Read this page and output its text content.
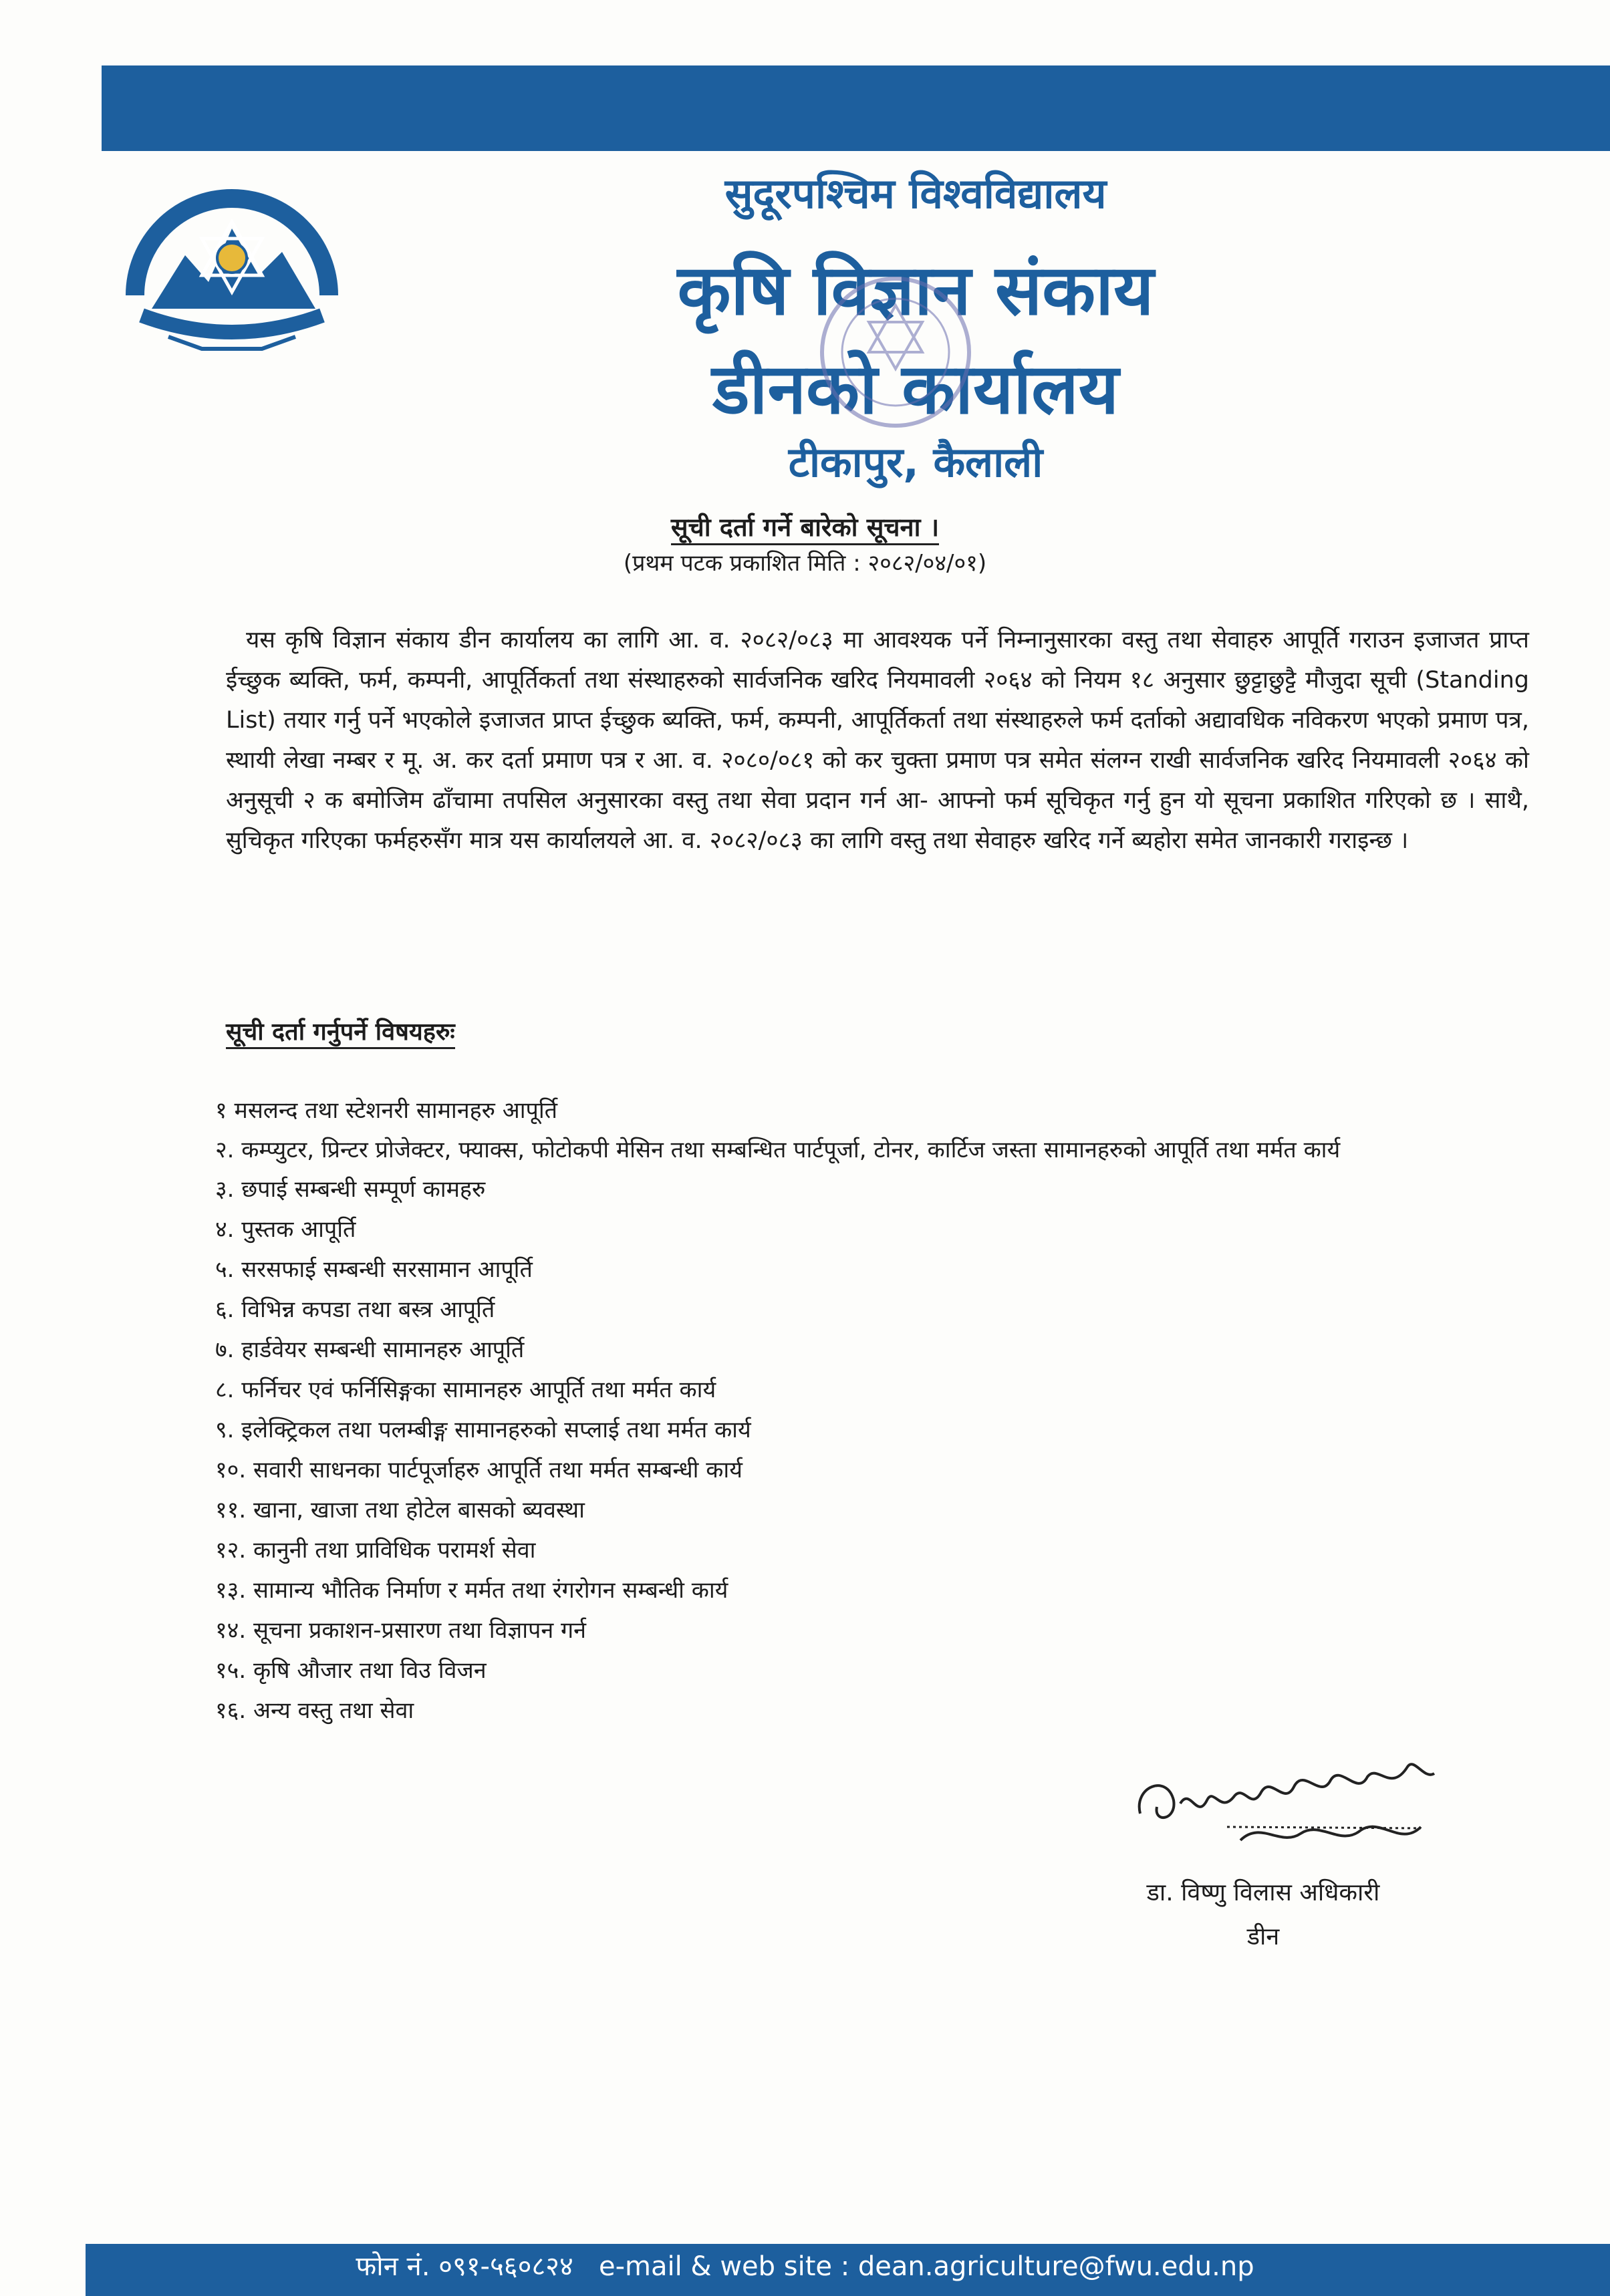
सुदूरपश्चिम विश्वविद्यालय
कृषि विज्ञान संकाय
डीनको कार्यालय
टीकापुर, कैलाली
सूची दर्ता गर्ने बारेको सूचना ।
(प्रथम पटक प्रकाशित मिति : २०८२/०४/०१)
यस कृषि विज्ञान संकाय डीन कार्यालय का लागि आ. व. २०८२/०८३ मा आवश्यक पर्ने निम्नानुसारका वस्तु तथा सेवाहरु आपूर्ति गराउन इजाजत प्राप्त ईच्छुक ब्यक्ति, फर्म, कम्पनी, आपूर्तिकर्ता तथा संस्थाहरुको सार्वजनिक खरिद नियमावली २०६४ को नियम १८ अनुसार छुट्टाछुट्टै मौजुदा सूची (Standing List) तयार गर्नु पर्ने भएकोले इजाजत प्राप्त ईच्छुक ब्यक्ति, फर्म, कम्पनी, आपूर्तिकर्ता तथा संस्थाहरुले फर्म दर्ताको अद्यावधिक नविकरण भएको प्रमाण पत्र, स्थायी लेखा नम्बर र मू. अ. कर दर्ता प्रमाण पत्र र आ. व. २०८०/०८१ को कर चुक्ता प्रमाण पत्र समेत संलग्न राखी सार्वजनिक खरिद नियमावली २०६४ को अनुसूची २ क बमोजिम ढाँचामा तपसिल अनुसारका वस्तु तथा सेवा प्रदान गर्न आ- आफ्नो फर्म सूचिकृत गर्नु हुन यो सूचना प्रकाशित गरिएको छ । साथै, सुचिकृत गरिएका फर्महरुसँग मात्र यस कार्यालयले आ. व. २०८२/०८३ का लागि वस्तु तथा सेवाहरु खरिद गर्ने ब्यहोरा समेत जानकारी गराइन्छ ।
सूची दर्ता गर्नुपर्ने विषयहरुः
१ मसलन्द तथा स्टेशनरी सामानहरु आपूर्ति
२. कम्प्युटर, प्रिन्टर प्रोजेक्टर, फ्याक्स, फोटोकपी मेसिन तथा सम्बन्धित पार्टपूर्जा, टोनर, कार्टिज जस्ता सामानहरुको आपूर्ति तथा मर्मत कार्य
३. छपाई सम्बन्धी सम्पूर्ण कामहरु
४. पुस्तक आपूर्ति
५. सरसफाई सम्बन्धी सरसामान आपूर्ति
६. विभिन्न कपडा तथा बस्त्र आपूर्ति
७. हार्डवेयर सम्बन्धी सामानहरु आपूर्ति
८. फर्निचर एवं फर्निसिङ्गका सामानहरु आपूर्ति तथा मर्मत कार्य
९. इलेक्ट्रिकल तथा पलम्बीङ्ग सामानहरुको सप्लाई तथा मर्मत कार्य
१०. सवारी साधनका पार्टपूर्जाहरु आपूर्ति तथा मर्मत सम्बन्धी कार्य
११. खाना, खाजा तथा होटेल बासको ब्यवस्था
१२. कानुनी तथा प्राविधिक परामर्श सेवा
१३. सामान्य भौतिक निर्माण र मर्मत तथा रंगरोगन सम्बन्धी कार्य
१४. सूचना प्रकाशन-प्रसारण तथा विज्ञापन गर्न
१५. कृषि औजार तथा विउ विजन
१६. अन्य वस्तु तथा सेवा
डा. विष्णु विलास अधिकारी
डीन
फोन नं. ०९१-५६०८२४ e-mail & web site : dean.agriculture@fwu.edu.np
